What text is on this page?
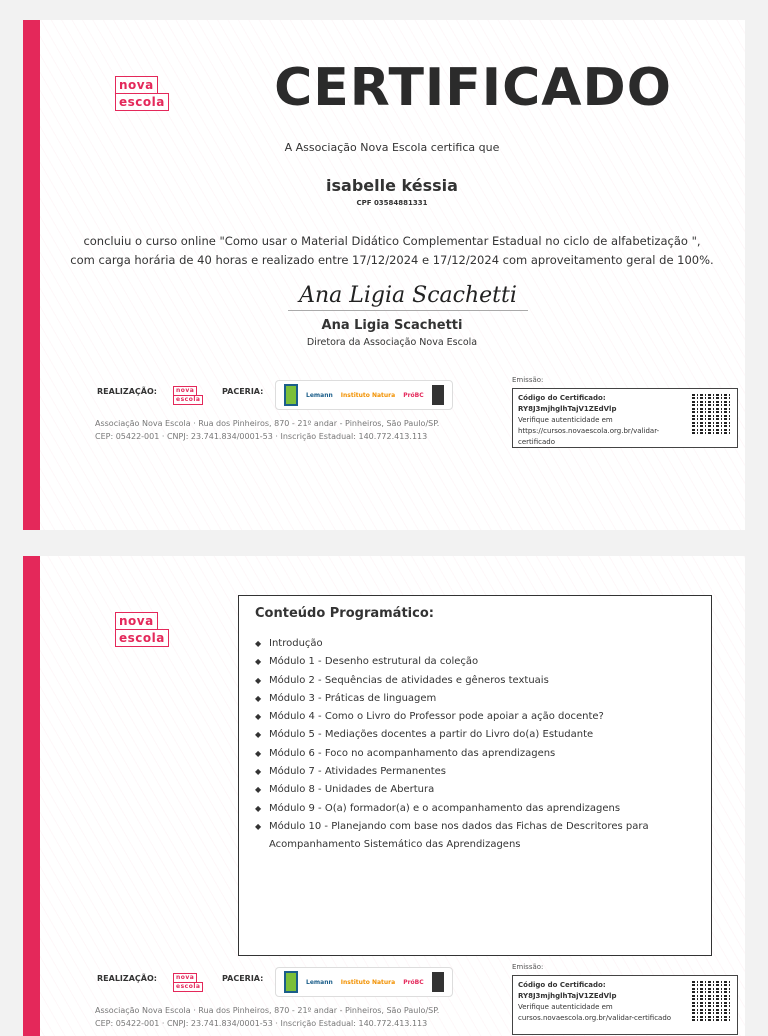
nova
escola	CERTIFICADO
A Associação Nova Escola certifica que
isabelle késsia
CPF 03584881331
concluiu o curso online "Como usar o Material Didático Complementar Estadual no ciclo de alfabetização ",
com carga horária de 40 horas e realizado entre 17/12/2024 e 17/12/2024 com aproveitamento geral de 100%.
Ana Ligia Scachetti
Ana Ligia Scachetti
Diretora da Associação Nova Escola
REALIZAÇÃO:	nova
escola
PACERIA:	Lemann Instituto Natura PróBC
Associação Nova Escola · Rua dos Pinheiros, 870 - 21º andar - Pinheiros, São Paulo/SP.
CEP: 05422-001 · CNPJ: 23.741.834/0001-53 · Inscrição Estadual: 140.772.413.113
Emissão:
Código do Certificado:
RY8J3mjhglhTajV1ZEdVlp
Verifique autenticidade em
https://cursos.novaescola.org.br/validar-certificado
nova
escola
Conteúdo Programático:
◆ Introdução
◆ Módulo 1 - Desenho estrutural da coleção
◆ Módulo 2 - Sequências de atividades e gêneros textuais
◆ Módulo 3 - Práticas de linguagem
◆ Módulo 4 - Como o Livro do Professor pode apoiar a ação docente?
◆ Módulo 5 - Mediações docentes a partir do Livro do(a) Estudante
◆ Módulo 6 - Foco no acompanhamento das aprendizagens
◆ Módulo 7 - Atividades Permanentes
◆ Módulo 8 - Unidades de Abertura
◆ Módulo 9 - O(a) formador(a) e o acompanhamento das aprendizagens
◆ Módulo 10 - Planejando com base nos dados das Fichas de Descritores para Acompanhamento Sistemático das Aprendizagens
REALIZAÇÃO:	nova
escola
PACERIA:	Lemann Instituto Natura PróBC
Associação Nova Escola · Rua dos Pinheiros, 870 - 21º andar - Pinheiros, São Paulo/SP.
CEP: 05422-001 · CNPJ: 23.741.834/0001-53 · Inscrição Estadual: 140.772.413.113
Emissão:
Código do Certificado:
RY8J3mjhglhTajV1ZEdVlp
Verifique autenticidade em
cursos.novaescola.org.br/validar-certificado
